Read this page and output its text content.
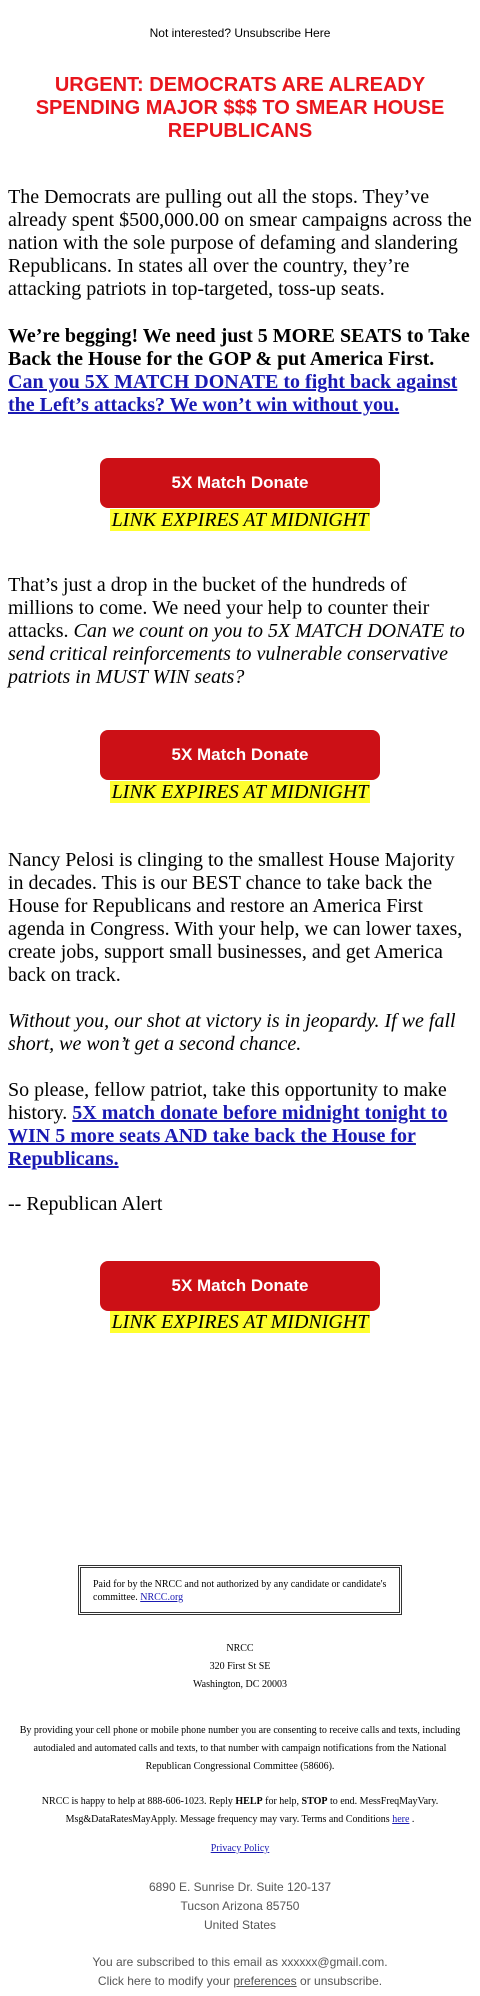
Not interested? Unsubscribe Here
URGENT: DEMOCRATS ARE ALREADY SPENDING MAJOR $$$ TO SMEAR HOUSE REPUBLICANS
The Democrats are pulling out all the stops. They’ve already spent $500,000.00 on smear campaigns across the nation with the sole purpose of defaming and slandering Republicans. In states all over the country, they’re attacking patriots in top-targeted, toss-up seats.
We’re begging! We need just 5 MORE SEATS to Take Back the House for the GOP & put America First. Can you 5X MATCH DONATE to fight back against the Left’s attacks? We won’t win without you.
5X Match Donate
LINK EXPIRES AT MIDNIGHT
That’s just a drop in the bucket of the hundreds of millions to come. We need your help to counter their attacks. Can we count on you to 5X MATCH DONATE to send critical reinforcements to vulnerable conservative patriots in MUST WIN seats?
5X Match Donate
LINK EXPIRES AT MIDNIGHT
Nancy Pelosi is clinging to the smallest House Majority in decades. This is our BEST chance to take back the House for Republicans and restore an America First agenda in Congress. With your help, we can lower taxes, create jobs, support small businesses, and get America back on track.
Without you, our shot at victory is in jeopardy. If we fall short, we won’t get a second chance.
So please, fellow patriot, take this opportunity to make history. 5X match donate before midnight tonight to WIN 5 more seats AND take back the House for Republicans.
-- Republican Alert
5X Match Donate
LINK EXPIRES AT MIDNIGHT
Paid for by the NRCC and not authorized by any candidate or candidate's committee. NRCC.org
NRCC
320 First St SE
Washington, DC 20003
By providing your cell phone or mobile phone number you are consenting to receive calls and texts, including autodialed and automated calls and texts, to that number with campaign notifications from the National Republican Congressional Committee (58606).
NRCC is happy to help at 888-606-1023. Reply HELP for help, STOP to end. MessFreqMayVary. Msg&DataRatesMayApply. Message frequency may vary. Terms and Conditions here .
Privacy Policy
6890 E. Sunrise Dr. Suite 120-137
Tucson Arizona 85750
United States
You are subscribed to this email as xxxxxx@gmail.com.
Click here to modify your preferences or unsubscribe.
